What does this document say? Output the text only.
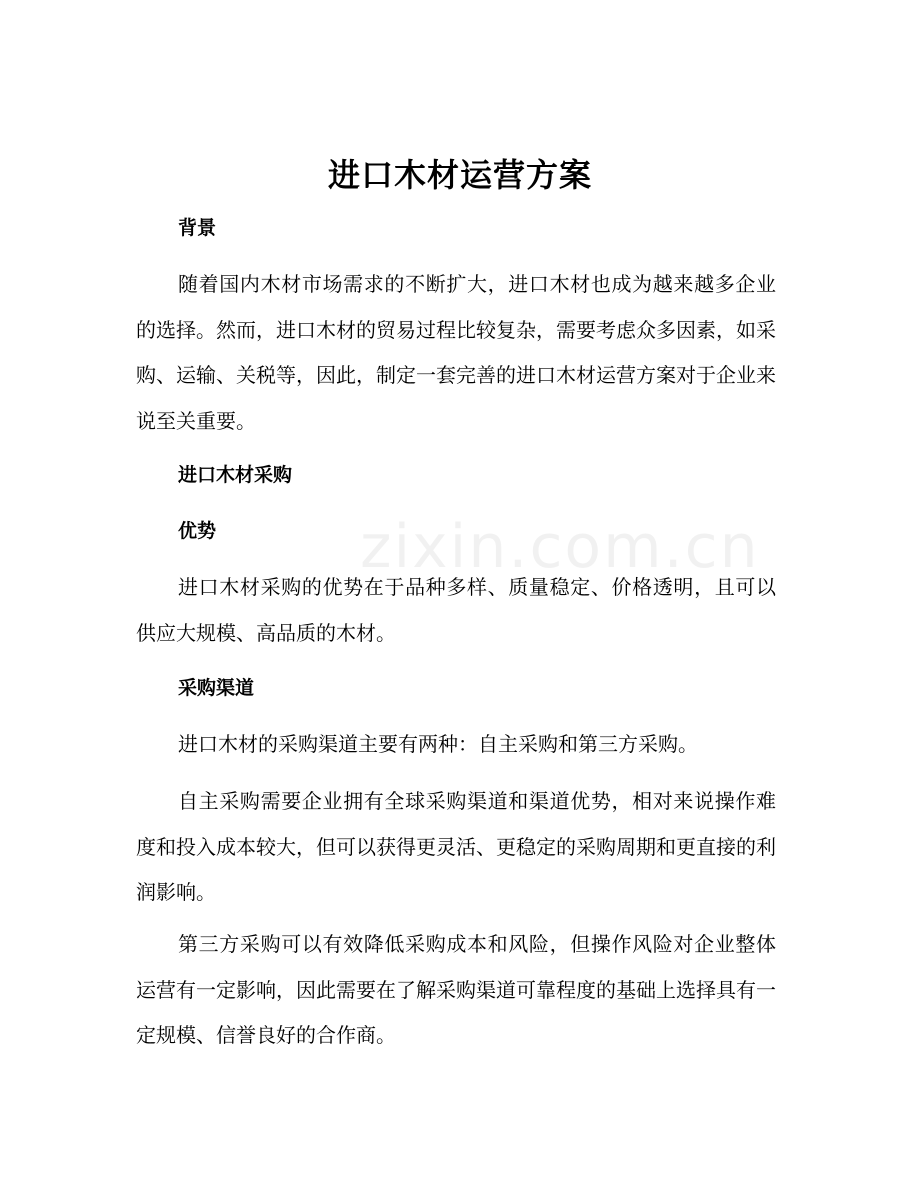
zixin.com.cn
进口木材运营方案
背景
随着国内木材市场需求的不断扩大，进口木材也成为越来越多企业的选择。然而，进口木材的贸易过程比较复杂，需要考虑众多因素，如采购、运输、关税等，因此，制定一套完善的进口木材运营方案对于企业来说至关重要。
进口木材采购
优势
进口木材采购的优势在于品种多样、质量稳定、价格透明，且可以供应大规模、高品质的木材。
采购渠道
进口木材的采购渠道主要有两种：自主采购和第三方采购。
自主采购需要企业拥有全球采购渠道和渠道优势，相对来说操作难度和投入成本较大，但可以获得更灵活、更稳定的采购周期和更直接的利润影响。
第三方采购可以有效降低采购成本和风险，但操作风险对企业整体运营有一定影响，因此需要在了解采购渠道可靠程度的基础上选择具有一定规模、信誉良好的合作商。
